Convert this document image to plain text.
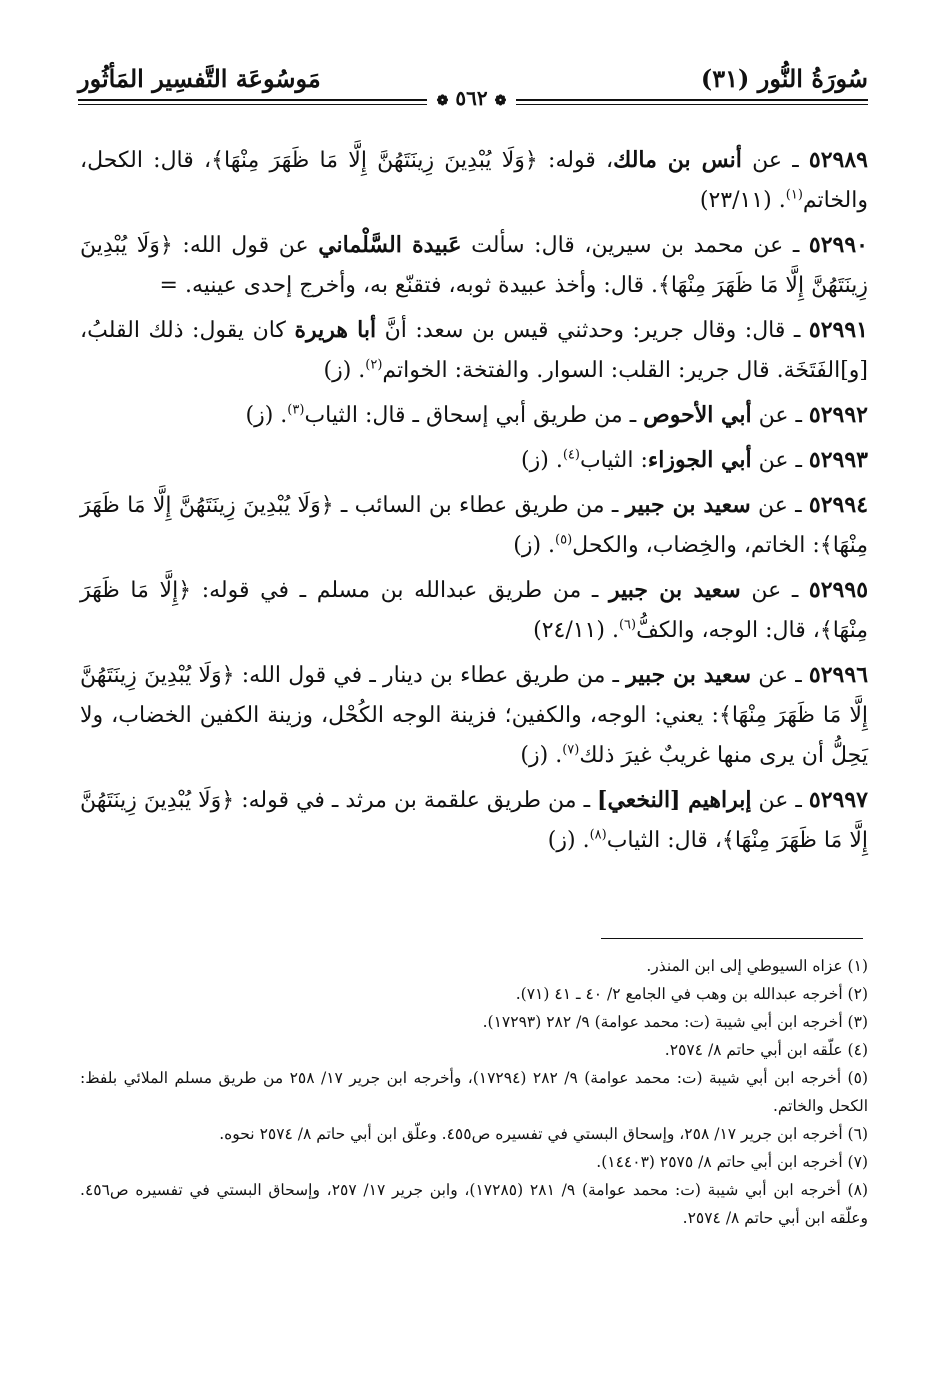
سُورَةُ النُّور (٣١)
مَوسُوعَة التَّفسِير المَأثُور
❁ ٥٦٢ ❁

٥٢٩٨٩ ـ عن أنس بن مالك، قوله: ﴿وَلَا يُبْدِينَ زِينَتَهُنَّ إِلَّا مَا ظَهَرَ مِنْهَا﴾، قال: الكحل، والخاتم$^{(١)}$. (٢٣/١١)

٥٢٩٩٠ ـ عن محمد بن سيرين، قال: سألت عَبيدة السَّلْماني عن قول الله: ﴿وَلَا يُبْدِينَ زِينَتَهُنَّ إِلَّا مَا ظَهَرَ مِنْهَا﴾. قال: وأخذ عبيدة ثوبه، فتقنّع به، وأخرج إحدى عينيه. =

٥٢٩٩١ ـ قال: وقال جرير: وحدثني قيس بن سعد: أنَّ أبا هريرة كان يقول: ذلك القلبُ، [و]الفَتَخَة. قال جرير: القلب: السوار. والفتخة: الخواتم$^{(٢)}$. (ز)

٥٢٩٩٢ ـ عن أبي الأحوص ـ من طريق أبي إسحاق ـ قال: الثياب$^{(٣)}$. (ز)

٥٢٩٩٣ ـ عن أبي الجوزاء: الثياب$^{(٤)}$. (ز)

٥٢٩٩٤ ـ عن سعيد بن جبير ـ من طريق عطاء بن السائب ـ ﴿وَلَا يُبْدِينَ زِينَتَهُنَّ إِلَّا مَا ظَهَرَ مِنْهَا﴾: الخاتم، والخِضاب، والكحل$^{(٥)}$. (ز)

٥٢٩٩٥ ـ عن سعيد بن جبير ـ من طريق عبدالله بن مسلم ـ في قوله: ﴿إِلَّا مَا ظَهَرَ مِنْهَا﴾، قال: الوجه، والكفُّ$^{(٦)}$. (٢٤/١١)

٥٢٩٩٦ ـ عن سعيد بن جبير ـ من طريق عطاء بن دينار ـ في قول الله: ﴿وَلَا يُبْدِينَ زِينَتَهُنَّ إِلَّا مَا ظَهَرَ مِنْهَا﴾: يعني: الوجه، والكفين؛ فزينة الوجه الكُحْل، وزينة الكفين الخضاب، ولا يَحِلُّ أن يرى منها غريبٌ غيرَ ذلك$^{(٧)}$. (ز)

٥٢٩٩٧ ـ عن إبراهيم [النخعي] ـ من طريق علقمة بن مرثد ـ في قوله: ﴿وَلَا يُبْدِينَ زِينَتَهُنَّ إِلَّا مَا ظَهَرَ مِنْهَا﴾، قال: الثياب$^{(٨)}$. (ز)

(١) عزاه السيوطي إلى ابن المنذر.

(٢) أخرجه عبدالله بن وهب في الجامع ٢/ ٤٠ ـ ٤١ (٧١).

(٣) أخرجه ابن أبي شيبة (ت: محمد عوامة) ٩/ ٢٨٢ (١٧٢٩٣).

(٤) علّقه ابن أبي حاتم ٨/ ٢٥٧٤.

(٥) أخرجه ابن أبي شيبة (ت: محمد عوامة) ٩/ ٢٨٢ (١٧٢٩٤)، وأخرجه ابن جرير ١٧/ ٢٥٨ من طريق مسلم الملائي بلفظ: الكحل والخاتم.

(٦) أخرجه ابن جرير ١٧/ ٢٥٨، وإسحاق البستي في تفسيره ص٤٥٥. وعلّق ابن أبي حاتم ٨/ ٢٥٧٤ نحوه.

(٧) أخرجه ابن أبي حاتم ٨/ ٢٥٧٥ (١٤٤٠٣).

(٨) أخرجه ابن أبي شيبة (ت: محمد عوامة) ٩/ ٢٨١ (١٧٢٨٥)، وابن جرير ١٧/ ٢٥٧، وإسحاق البستي في تفسيره ص٤٥٦. وعلّقه ابن أبي حاتم ٨/ ٢٥٧٤.
